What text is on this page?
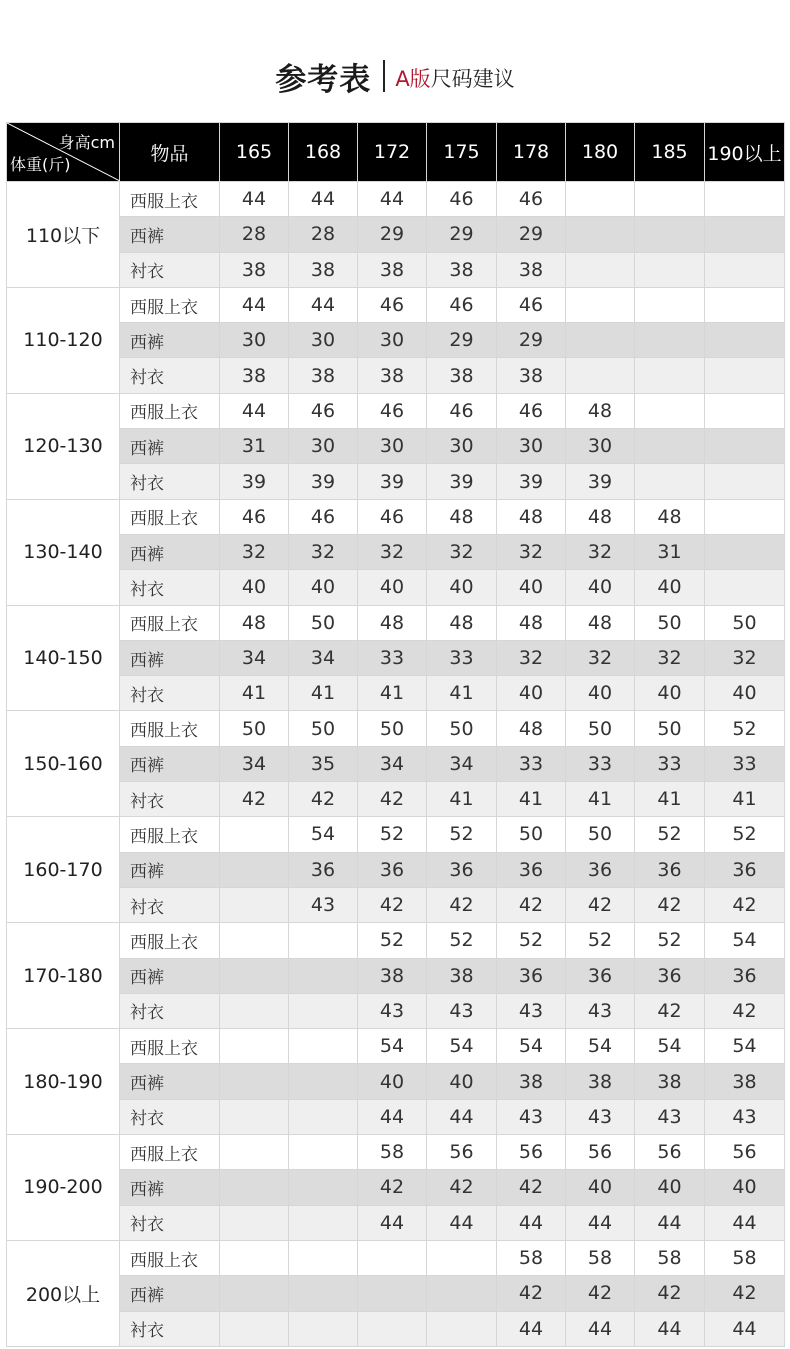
参考表 A版尺码建议
身高cm
体重(斤)	物品	165	168	172	175	178	180	185	190以上
110以下	西服上衣	44	44	44	46	46			
	西裤	28	28	29	29	29			
	衬衣	38	38	38	38	38			
110-120	西服上衣	44	44	46	46	46			
	西裤	30	30	30	29	29			
	衬衣	38	38	38	38	38			
120-130	西服上衣	44	46	46	46	46	48		
	西裤	31	30	30	30	30	30		
	衬衣	39	39	39	39	39	39		
130-140	西服上衣	46	46	46	48	48	48	48	
	西裤	32	32	32	32	32	32	31	
	衬衣	40	40	40	40	40	40	40	
140-150	西服上衣	48	50	48	48	48	48	50	50
	西裤	34	34	33	33	32	32	32	32
	衬衣	41	41	41	41	40	40	40	40
150-160	西服上衣	50	50	50	50	48	50	50	52
	西裤	34	35	34	34	33	33	33	33
	衬衣	42	42	42	41	41	41	41	41
160-170	西服上衣		54	52	52	50	50	52	52
	西裤		36	36	36	36	36	36	36
	衬衣		43	42	42	42	42	42	42
170-180	西服上衣			52	52	52	52	52	54
	西裤			38	38	36	36	36	36
	衬衣			43	43	43	43	42	42
180-190	西服上衣			54	54	54	54	54	54
	西裤			40	40	38	38	38	38
	衬衣			44	44	43	43	43	43
190-200	西服上衣			58	56	56	56	56	56
	西裤			42	42	42	40	40	40
	衬衣			44	44	44	44	44	44
200以上	西服上衣					58	58	58	58
	西裤					42	42	42	42
	衬衣					44	44	44	44
